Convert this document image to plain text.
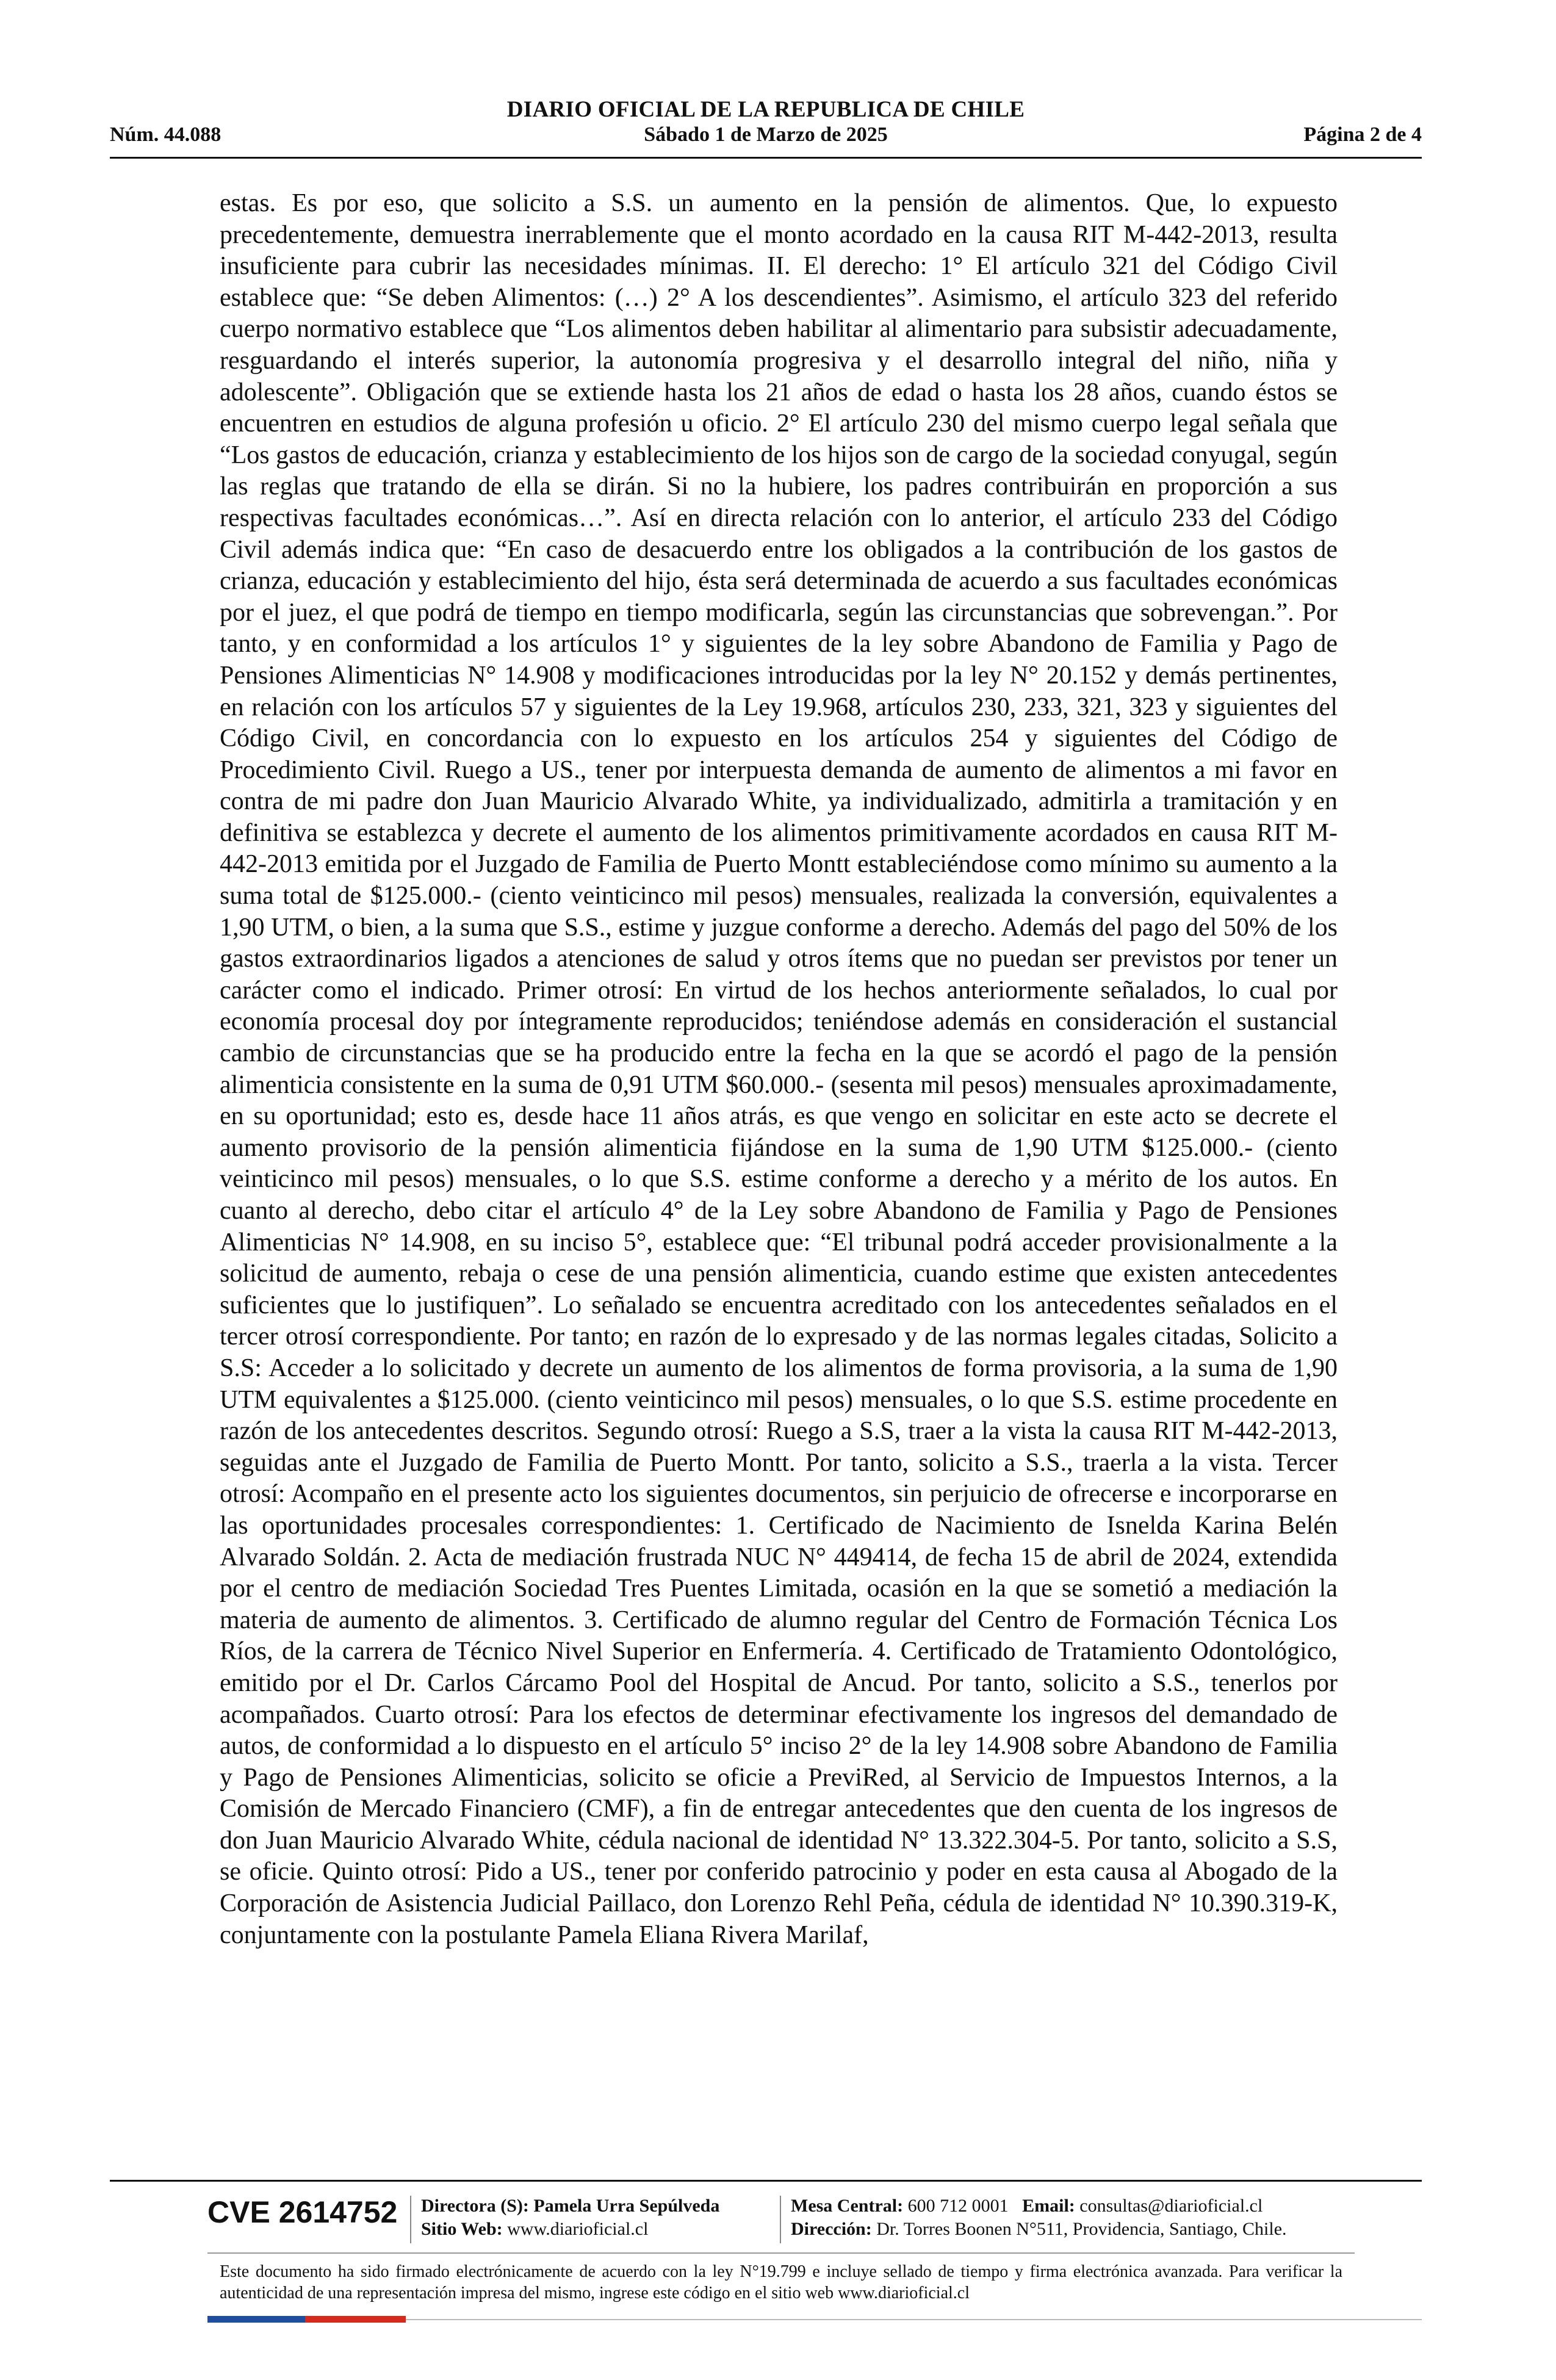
DIARIO OFICIAL DE LA REPUBLICA DE CHILE
Núm. 44.088	Sábado 1 de Marzo de 2025	Página 2 de 4

estas. Es por eso, que solicito a S.S. un aumento en la pensión de alimentos. Que, lo expuesto precedentemente, demuestra inerrablemente que el monto acordado en la causa RIT M-442-2013, resulta insuficiente para cubrir las necesidades mínimas. II. El derecho: 1° El artículo 321 del Código Civil establece que: “Se deben Alimentos: (…) 2° A los descendientes”. Asimismo, el artículo 323 del referido cuerpo normativo establece que “Los alimentos deben habilitar al alimentario para subsistir adecuadamente, resguardando el interés superior, la autonomía progresiva y el desarrollo integral del niño, niña y adolescente”. Obligación que se extiende hasta los 21 años de edad o hasta los 28 años, cuando éstos se encuentren en estudios de alguna profesión u oficio. 2° El artículo 230 del mismo cuerpo legal señala que “Los gastos de educación, crianza y establecimiento de los hijos son de cargo de la sociedad conyugal, según las reglas que tratando de ella se dirán. Si no la hubiere, los padres contribuirán en proporción a sus respectivas facultades económicas…”. Así en directa relación con lo anterior, el artículo 233 del Código Civil además indica que: “En caso de desacuerdo entre los obligados a la contribución de los gastos de crianza, educación y establecimiento del hijo, ésta será determinada de acuerdo a sus facultades económicas por el juez, el que podrá de tiempo en tiempo modificarla, según las circunstancias que sobrevengan.”. Por tanto, y en conformidad a los artículos 1° y siguientes de la ley sobre Abandono de Familia y Pago de Pensiones Alimenticias N° 14.908 y modificaciones introducidas por la ley N° 20.152 y demás pertinentes, en relación con los artículos 57 y siguientes de la Ley 19.968, artículos 230, 233, 321, 323 y siguientes del Código Civil, en concordancia con lo expuesto en los artículos 254 y siguientes del Código de Procedimiento Civil. Ruego a US., tener por interpuesta demanda de aumento de alimentos a mi favor en contra de mi padre don Juan Mauricio Alvarado White, ya individualizado, admitirla a tramitación y en definitiva se establezca y decrete el aumento de los alimentos primitivamente acordados en causa RIT M-442-2013 emitida por el Juzgado de Familia de Puerto Montt estableciéndose como mínimo su aumento a la suma total de $125.000.- (ciento veinticinco mil pesos) mensuales, realizada la conversión, equivalentes a 1,90 UTM, o bien, a la suma que S.S., estime y juzgue conforme a derecho. Además del pago del 50% de los gastos extraordinarios ligados a atenciones de salud y otros ítems que no puedan ser previstos por tener un carácter como el indicado. Primer otrosí: En virtud de los hechos anteriormente señalados, lo cual por economía procesal doy por íntegramente reproducidos; teniéndose además en consideración el sustancial cambio de circunstancias que se ha producido entre la fecha en la que se acordó el pago de la pensión alimenticia consistente en la suma de 0,91 UTM $60.000.- (sesenta mil pesos) mensuales aproximadamente, en su oportunidad; esto es, desde hace 11 años atrás, es que vengo en solicitar en este acto se decrete el aumento provisorio de la pensión alimenticia fijándose en la suma de 1,90 UTM $125.000.- (ciento veinticinco mil pesos) mensuales, o lo que S.S. estime conforme a derecho y a mérito de los autos. En cuanto al derecho, debo citar el artículo 4° de la Ley sobre Abandono de Familia y Pago de Pensiones Alimenticias N° 14.908, en su inciso 5°, establece que: “El tribunal podrá acceder provisionalmente a la solicitud de aumento, rebaja o cese de una pensión alimenticia, cuando estime que existen antecedentes suficientes que lo justifiquen”. Lo señalado se encuentra acreditado con los antecedentes señalados en el tercer otrosí correspondiente. Por tanto; en razón de lo expresado y de las normas legales citadas, Solicito a S.S: Acceder a lo solicitado y decrete un aumento de los alimentos de forma provisoria, a la suma de 1,90 UTM equivalentes a $125.000. (ciento veinticinco mil pesos) mensuales, o lo que S.S. estime procedente en razón de los antecedentes descritos. Segundo otrosí: Ruego a S.S, traer a la vista la causa RIT M-442-2013, seguidas ante el Juzgado de Familia de Puerto Montt. Por tanto, solicito a S.S., traerla a la vista. Tercer otrosí: Acompaño en el presente acto los siguientes documentos, sin perjuicio de ofrecerse e incorporarse en las oportunidades procesales correspondientes: 1. Certificado de Nacimiento de Isnelda Karina Belén Alvarado Soldán. 2. Acta de mediación frustrada NUC N° 449414, de fecha 15 de abril de 2024, extendida por el centro de mediación Sociedad Tres Puentes Limitada, ocasión en la que se sometió a mediación la materia de aumento de alimentos. 3. Certificado de alumno regular del Centro de Formación Técnica Los Ríos, de la carrera de Técnico Nivel Superior en Enfermería. 4. Certificado de Tratamiento Odontológico, emitido por el Dr. Carlos Cárcamo Pool del Hospital de Ancud. Por tanto, solicito a S.S., tenerlos por acompañados. Cuarto otrosí: Para los efectos de determinar efectivamente los ingresos del demandado de autos, de conformidad a lo dispuesto en el artículo 5° inciso 2° de la ley 14.908 sobre Abandono de Familia y Pago de Pensiones Alimenticias, solicito se oficie a PreviRed, al Servicio de Impuestos Internos, a la Comisión de Mercado Financiero (CMF), a fin de entregar antecedentes que den cuenta de los ingresos de don Juan Mauricio Alvarado White, cédula nacional de identidad N° 13.322.304-5. Por tanto, solicito a S.S, se oficie. Quinto otrosí: Pido a US., tener por conferido patrocinio y poder en esta causa al Abogado de la Corporación de Asistencia Judicial Paillaco, don Lorenzo Rehl Peña, cédula de identidad N° 10.390.319-K, conjuntamente con la postulante Pamela Eliana Rivera Marilaf,

CVE 2614752 Directora (S): Pamela Urra Sepúlveda
Sitio Web: www.diarioficial.cl
Mesa Central: 600 712 0001 Email: consultas@diarioficial.cl
Dirección: Dr. Torres Boonen N°511, Providencia, Santiago, Chile.
Este documento ha sido firmado electrónicamente de acuerdo con la ley N°19.799 e incluye sellado de tiempo y firma electrónica avanzada. Para verificar la autenticidad de una representación impresa del mismo, ingrese este código en el sitio web www.diarioficial.cl
